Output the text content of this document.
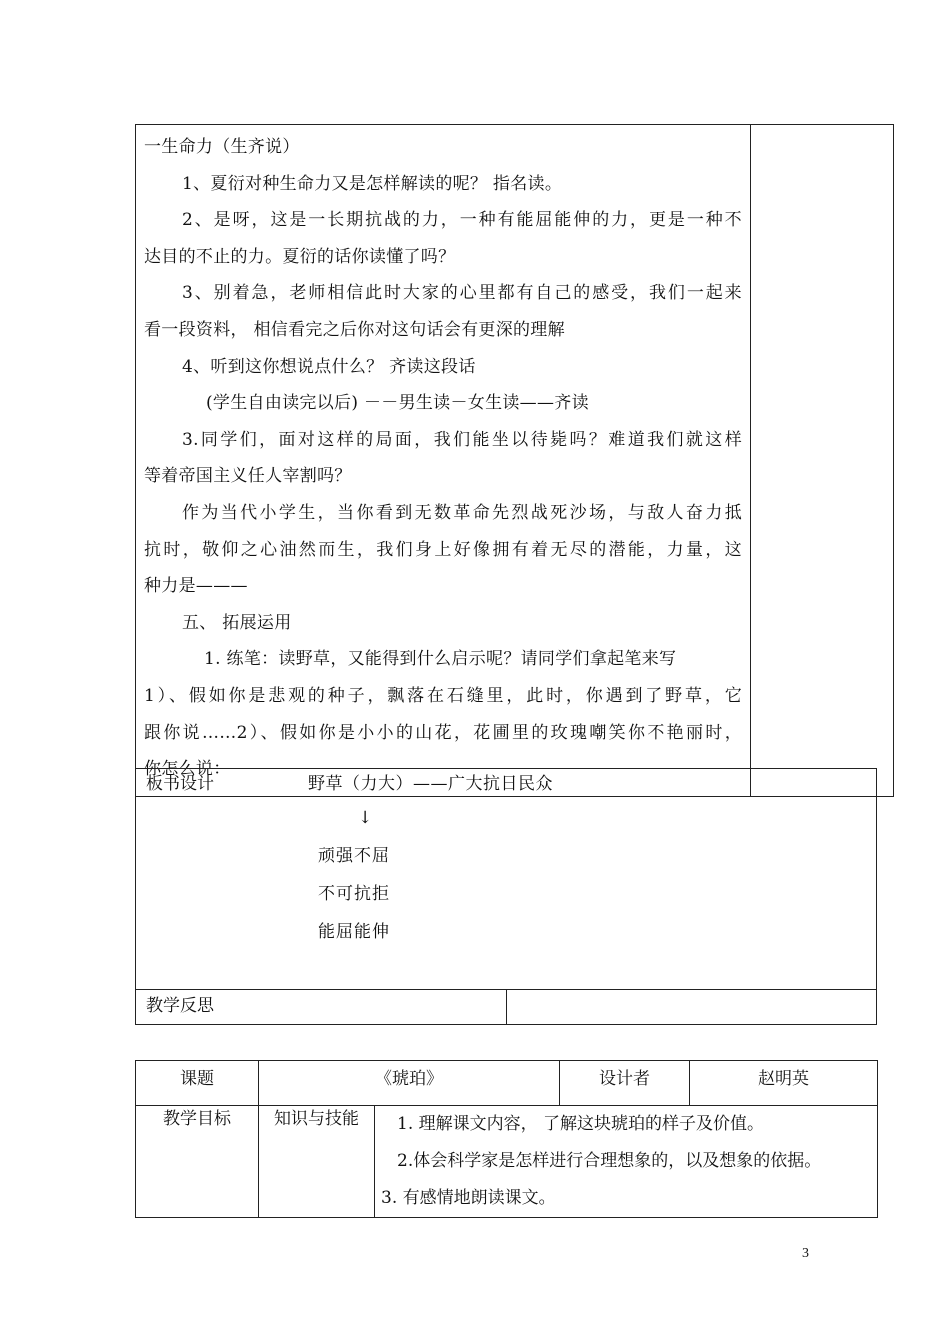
一生命力（生齐说）
1、夏衍对种生命力又是怎样解读的呢？ 指名读。
2、是呀，这是一长期抗战的力，一种有能屈能伸的力，更是一种不
达目的不止的力。夏衍的话你读懂了吗？
3、别着急，老师相信此时大家的心里都有自己的感受，我们一起来
看一段资料， 相信看完之后你对这句话会有更深的理解
4、听到这你想说点什么？ 齐读这段话
(学生自由读完以后) －－男生读－女生读——齐读
3.同学们，面对这样的局面，我们能坐以待毙吗？难道我们就这样
等着帝国主义任人宰割吗？
作为当代小学生，当你看到无数革命先烈战死沙场，与敌人奋力抵
抗时，敬仰之心油然而生，我们身上好像拥有着无尽的潜能，力量，这
种力是———
五、 拓展运用
1. 练笔：读野草，又能得到什么启示呢？请同学们拿起笔来写
1）、假如你是悲观的种子，飘落在石缝里，此时，你遇到了野草，它
跟你说……2）、假如你是小小的山花，花圃里的玫瑰嘲笑你不艳丽时，
你怎么说：

板书设计	野草（力大）——广大抗日民众
↓
顽强不屈
不可抗拒
能屈能伸

教学反思

课题	《琥珀》		设计者	赵明英
教学目标	知识与技能	1. 理解课文内容， 了解这块琥珀的样子及价值。
2.体会科学家是怎样进行合理想象的，以及想象的依据。
3. 有感情地朗读课文。		
3
